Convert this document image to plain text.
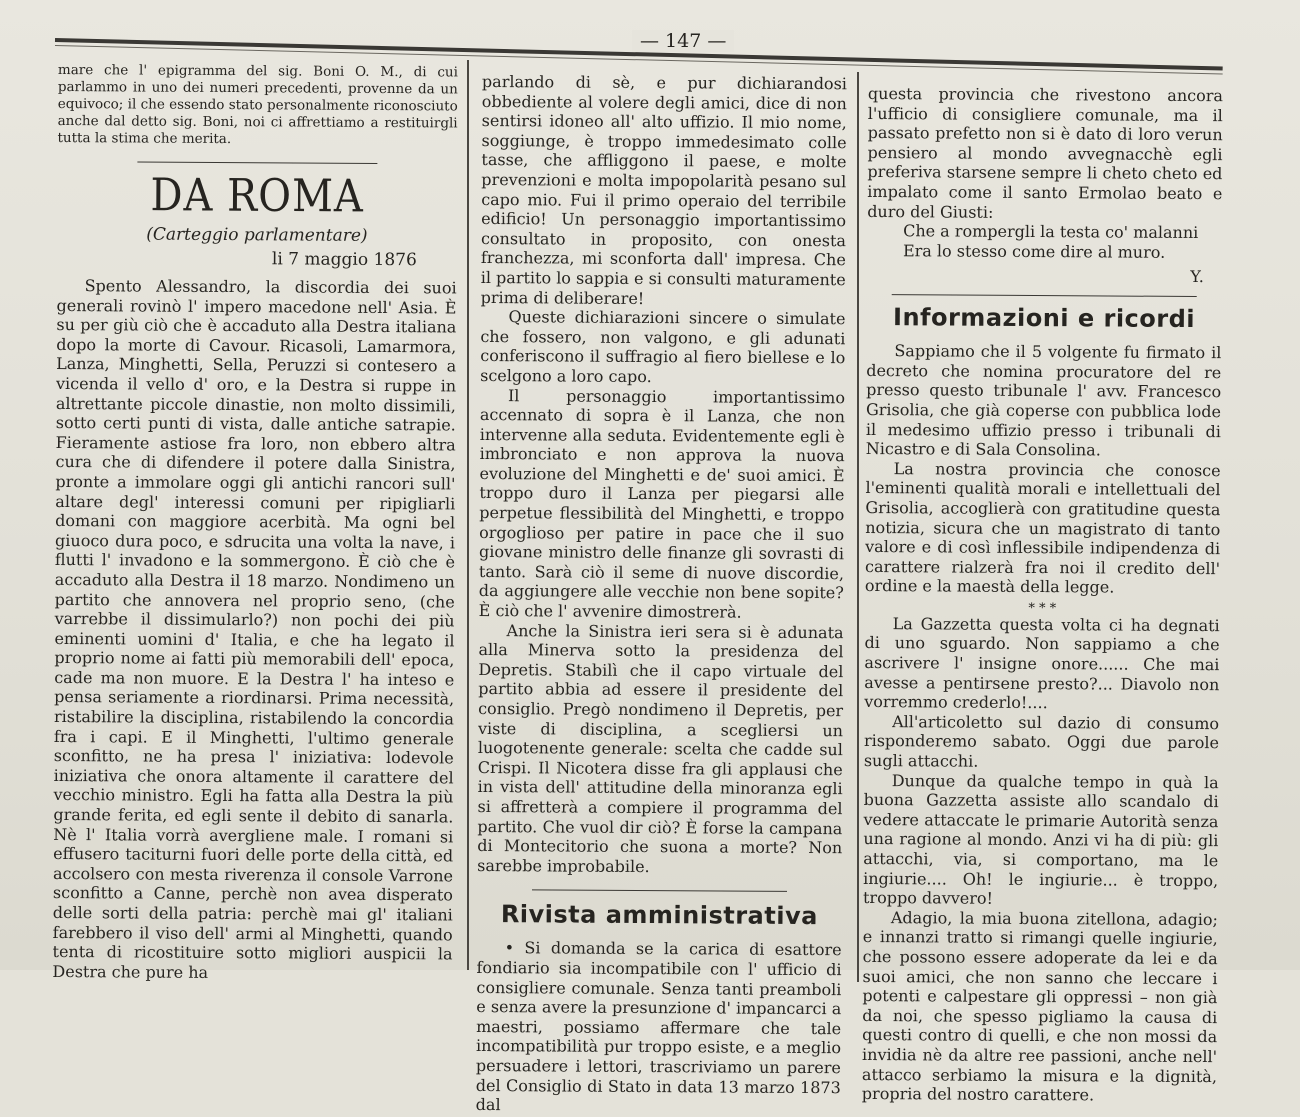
— 147 —

mare che l' epigramma del sig. Boni O. M., di cui parlammo in uno dei numeri precedenti, provenne da un equivoco; il che essendo stato personalmente riconosciuto anche dal detto sig. Boni, noi ci affrettiamo a restituirgli tutta la stima che merita.

DA ROMA
(Carteggio parlamentare)
li 7 maggio 1876

Spento Alessandro, la discordia dei suoi generali rovinò l' impero macedone nell' Asia. È su per giù ciò che è accaduto alla Destra italiana dopo la morte di Cavour. Ricasoli, Lamarmora, Lanza, Minghetti, Sella, Peruzzi si contesero a vicenda il vello d' oro, e la Destra si ruppe in altrettante piccole dinastie, non molto dissimili, sotto certi punti di vista, dalle antiche satrapie. Fieramente astiose fra loro, non ebbero altra cura che di difendere il potere dalla Sinistra, pronte a immolare oggi gli antichi rancori sull' altare degl' interessi comuni per ripigliarli domani con maggiore acerbità. Ma ogni bel giuoco dura poco, e sdrucita una volta la nave, i flutti l' invadono e la sommergono. È ciò che è accaduto alla Destra il 18 marzo. Nondimeno un partito che annovera nel proprio seno, (che varrebbe il dissimularlo?) non pochi dei più eminenti uomini d' Italia, e che ha legato il proprio nome ai fatti più memorabili dell' epoca, cade ma non muore. E la Destra l' ha inteso e pensa seriamente a riordinarsi. Prima necessità, ristabilire la disciplina, ristabilendo la concordia fra i capi. E il Minghetti, l'ultimo generale sconfitto, ne ha presa l' iniziativa: lodevole iniziativa che onora altamente il carattere del vecchio ministro. Egli ha fatta alla Destra la più grande ferita, ed egli sente il debito di sanarla. Nè l' Italia vorrà avergliene male. I romani si effusero taciturni fuori delle porte della città, ed accolsero con mesta riverenza il console Varrone sconfitto a Canne, perchè non avea disperato delle sorti della patria: perchè mai gl' italiani farebbero il viso dell' armi al Minghetti, quando tenta di ricostituire sotto migliori auspicii la Destra che pure ha

parlando di sè, e pur dichiarandosi obbediente al volere degli amici, dice di non sentirsi idoneo all' alto uffizio. Il mio nome, soggiunge, è troppo immedesimato colle tasse, che affliggono il paese, e molte prevenzioni e molta impopolarità pesano sul capo mio. Fui il primo operaio del terribile edificio! Un personaggio importantissimo consultato in proposito, con onesta franchezza, mi sconforta dall' impresa. Che il partito lo sappia e si consulti maturamente prima di deliberare!

Queste dichiarazioni sincere o simulate che fossero, non valgono, e gli adunati conferiscono il suffragio al fiero biellese e lo scelgono a loro capo.

Il personaggio importantissimo accennato di sopra è il Lanza, che non intervenne alla seduta. Evidentemente egli è imbronciato e non approva la nuova evoluzione del Minghetti e de' suoi amici. È troppo duro il Lanza per piegarsi alle perpetue flessibilità del Minghetti, e troppo orgoglioso per patire in pace che il suo giovane ministro delle finanze gli sovrasti di tanto. Sarà ciò il seme di nuove discordie, da aggiungere alle vecchie non bene sopite? È ciò che l' avvenire dimostrerà.

Anche la Sinistra ieri sera si è adunata alla Minerva sotto la presidenza del Depretis. Stabilì che il capo virtuale del partito abbia ad essere il presidente del consiglio. Pregò nondimeno il Depretis, per viste di disciplina, a scegliersi un luogotenente generale: scelta che cadde sul Crispi. Il Nicotera disse fra gli applausi che in vista dell' attitudine della minoranza egli si affretterà a compiere il programma del partito. Che vuol dir ciò? È forse la campana di Montecitorio che suona a morte? Non sarebbe improbabile.

Rivista amministrativa

• Si domanda se la carica di esattore fondiario sia incompatibile con l' ufficio di consigliere comunale. Senza tanti preamboli e senza avere la presunzione d' impancarci a maestri, possiamo affermare che tale incompatibilità pur troppo esiste, e a meglio persuadere i lettori, trascriviamo un parere del Consiglio di Stato in data 13 marzo 1873 dal

questa provincia che rivestono ancora l'ufficio di consigliere comunale, ma il passato prefetto non si è dato di loro verun pensiero al mondo avvegnacchè egli preferiva starsene sempre li cheto cheto ed impalato come il santo Ermolao beato e duro del Giusti:

Che a rompergli la testa co' malanni
Era lo stesso come dire al muro.
Y.
Informazioni e ricordi

Sappiamo che il 5 volgente fu firmato il decreto che nomina procuratore del re presso questo tribunale l' avv. Francesco Grisolia, che già coperse con pubblica lode il medesimo uffizio presso i tribunali di Nicastro e di Sala Consolina.

La nostra provincia che conosce l'eminenti qualità morali e intellettuali del Grisolia, accoglierà con gratitudine questa notizia, sicura che un magistrato di tanto valore e di così inflessibile indipendenza di carattere rialzerà fra noi il credito dell' ordine e la maestà della legge.

* * *

La Gazzetta questa volta ci ha degnati di uno sguardo. Non sappiamo a che ascrivere l' insigne onore...... Che mai avesse a pentirsene presto?... Diavolo non vorremmo crederlo!....

All'articoletto sul dazio di consumo risponderemo sabato. Oggi due parole sugli attacchi.

Dunque da qualche tempo in quà la buona Gazzetta assiste allo scandalo di vedere attaccate le primarie Autorità senza una ragione al mondo. Anzi vi ha di più: gli attacchi, via, si comportano, ma le ingiurie.... Oh! le ingiurie... è troppo, troppo davvero!

Adagio, la mia buona zitellona, adagio; e innanzi tratto si rimangi quelle ingiurie, che possono essere adoperate da lei e da suoi amici, che non sanno che leccare i potenti e calpestare gli oppressi – non già da noi, che spesso pigliamo la causa di questi contro di quelli, e che non mossi da invidia nè da altre ree passioni, anche nell' attacco serbiamo la misura e la dignità, propria del nostro carattere.
